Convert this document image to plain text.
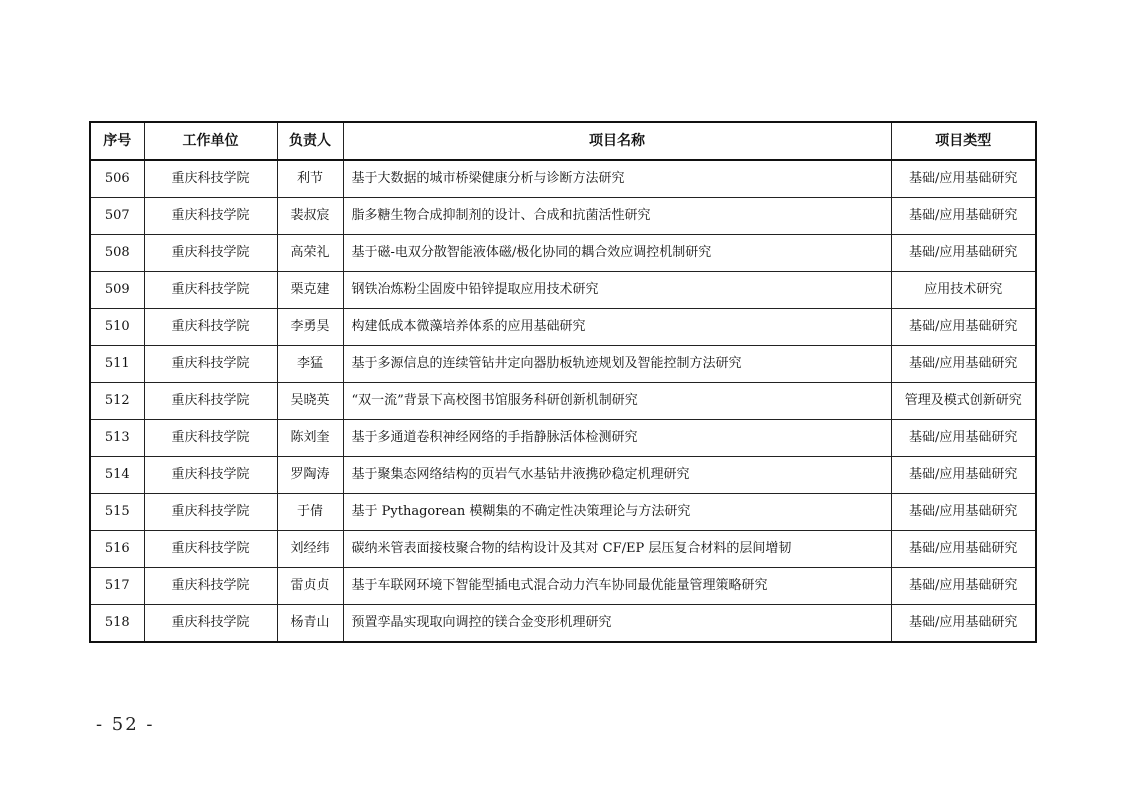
序号	工作单位	负责人	项目名称	项目类型
506	重庆科技学院	利节	基于大数据的城市桥梁健康分析与诊断方法研究	基础/应用基础研究
507	重庆科技学院	裴叔宸	脂多糖生物合成抑制剂的设计、合成和抗菌活性研究	基础/应用基础研究
508	重庆科技学院	高荣礼	基于磁-电双分散智能液体磁/极化协同的耦合效应调控机制研究	基础/应用基础研究
509	重庆科技学院	栗克建	钢铁冶炼粉尘固废中铅锌提取应用技术研究	应用技术研究
510	重庆科技学院	李勇昊	构建低成本微藻培养体系的应用基础研究	基础/应用基础研究
511	重庆科技学院	李猛	基于多源信息的连续管钻井定向器肋板轨迹规划及智能控制方法研究	基础/应用基础研究
512	重庆科技学院	吴晓英	“双一流”背景下高校图书馆服务科研创新机制研究	管理及模式创新研究
513	重庆科技学院	陈刘奎	基于多通道卷积神经网络的手指静脉活体检测研究	基础/应用基础研究
514	重庆科技学院	罗陶涛	基于聚集态网络结构的页岩气水基钻井液携砂稳定机理研究	基础/应用基础研究
515	重庆科技学院	于倩	基于 Pythagorean 模糊集的不确定性决策理论与方法研究	基础/应用基础研究
516	重庆科技学院	刘经纬	碳纳米管表面接枝聚合物的结构设计及其对 CF/EP 层压复合材料的层间增韧	基础/应用基础研究
517	重庆科技学院	雷贞贞	基于车联网环境下智能型插电式混合动力汽车协同最优能量管理策略研究	基础/应用基础研究
518	重庆科技学院	杨青山	预置孪晶实现取向调控的镁合金变形机理研究	基础/应用基础研究
- 52 -
